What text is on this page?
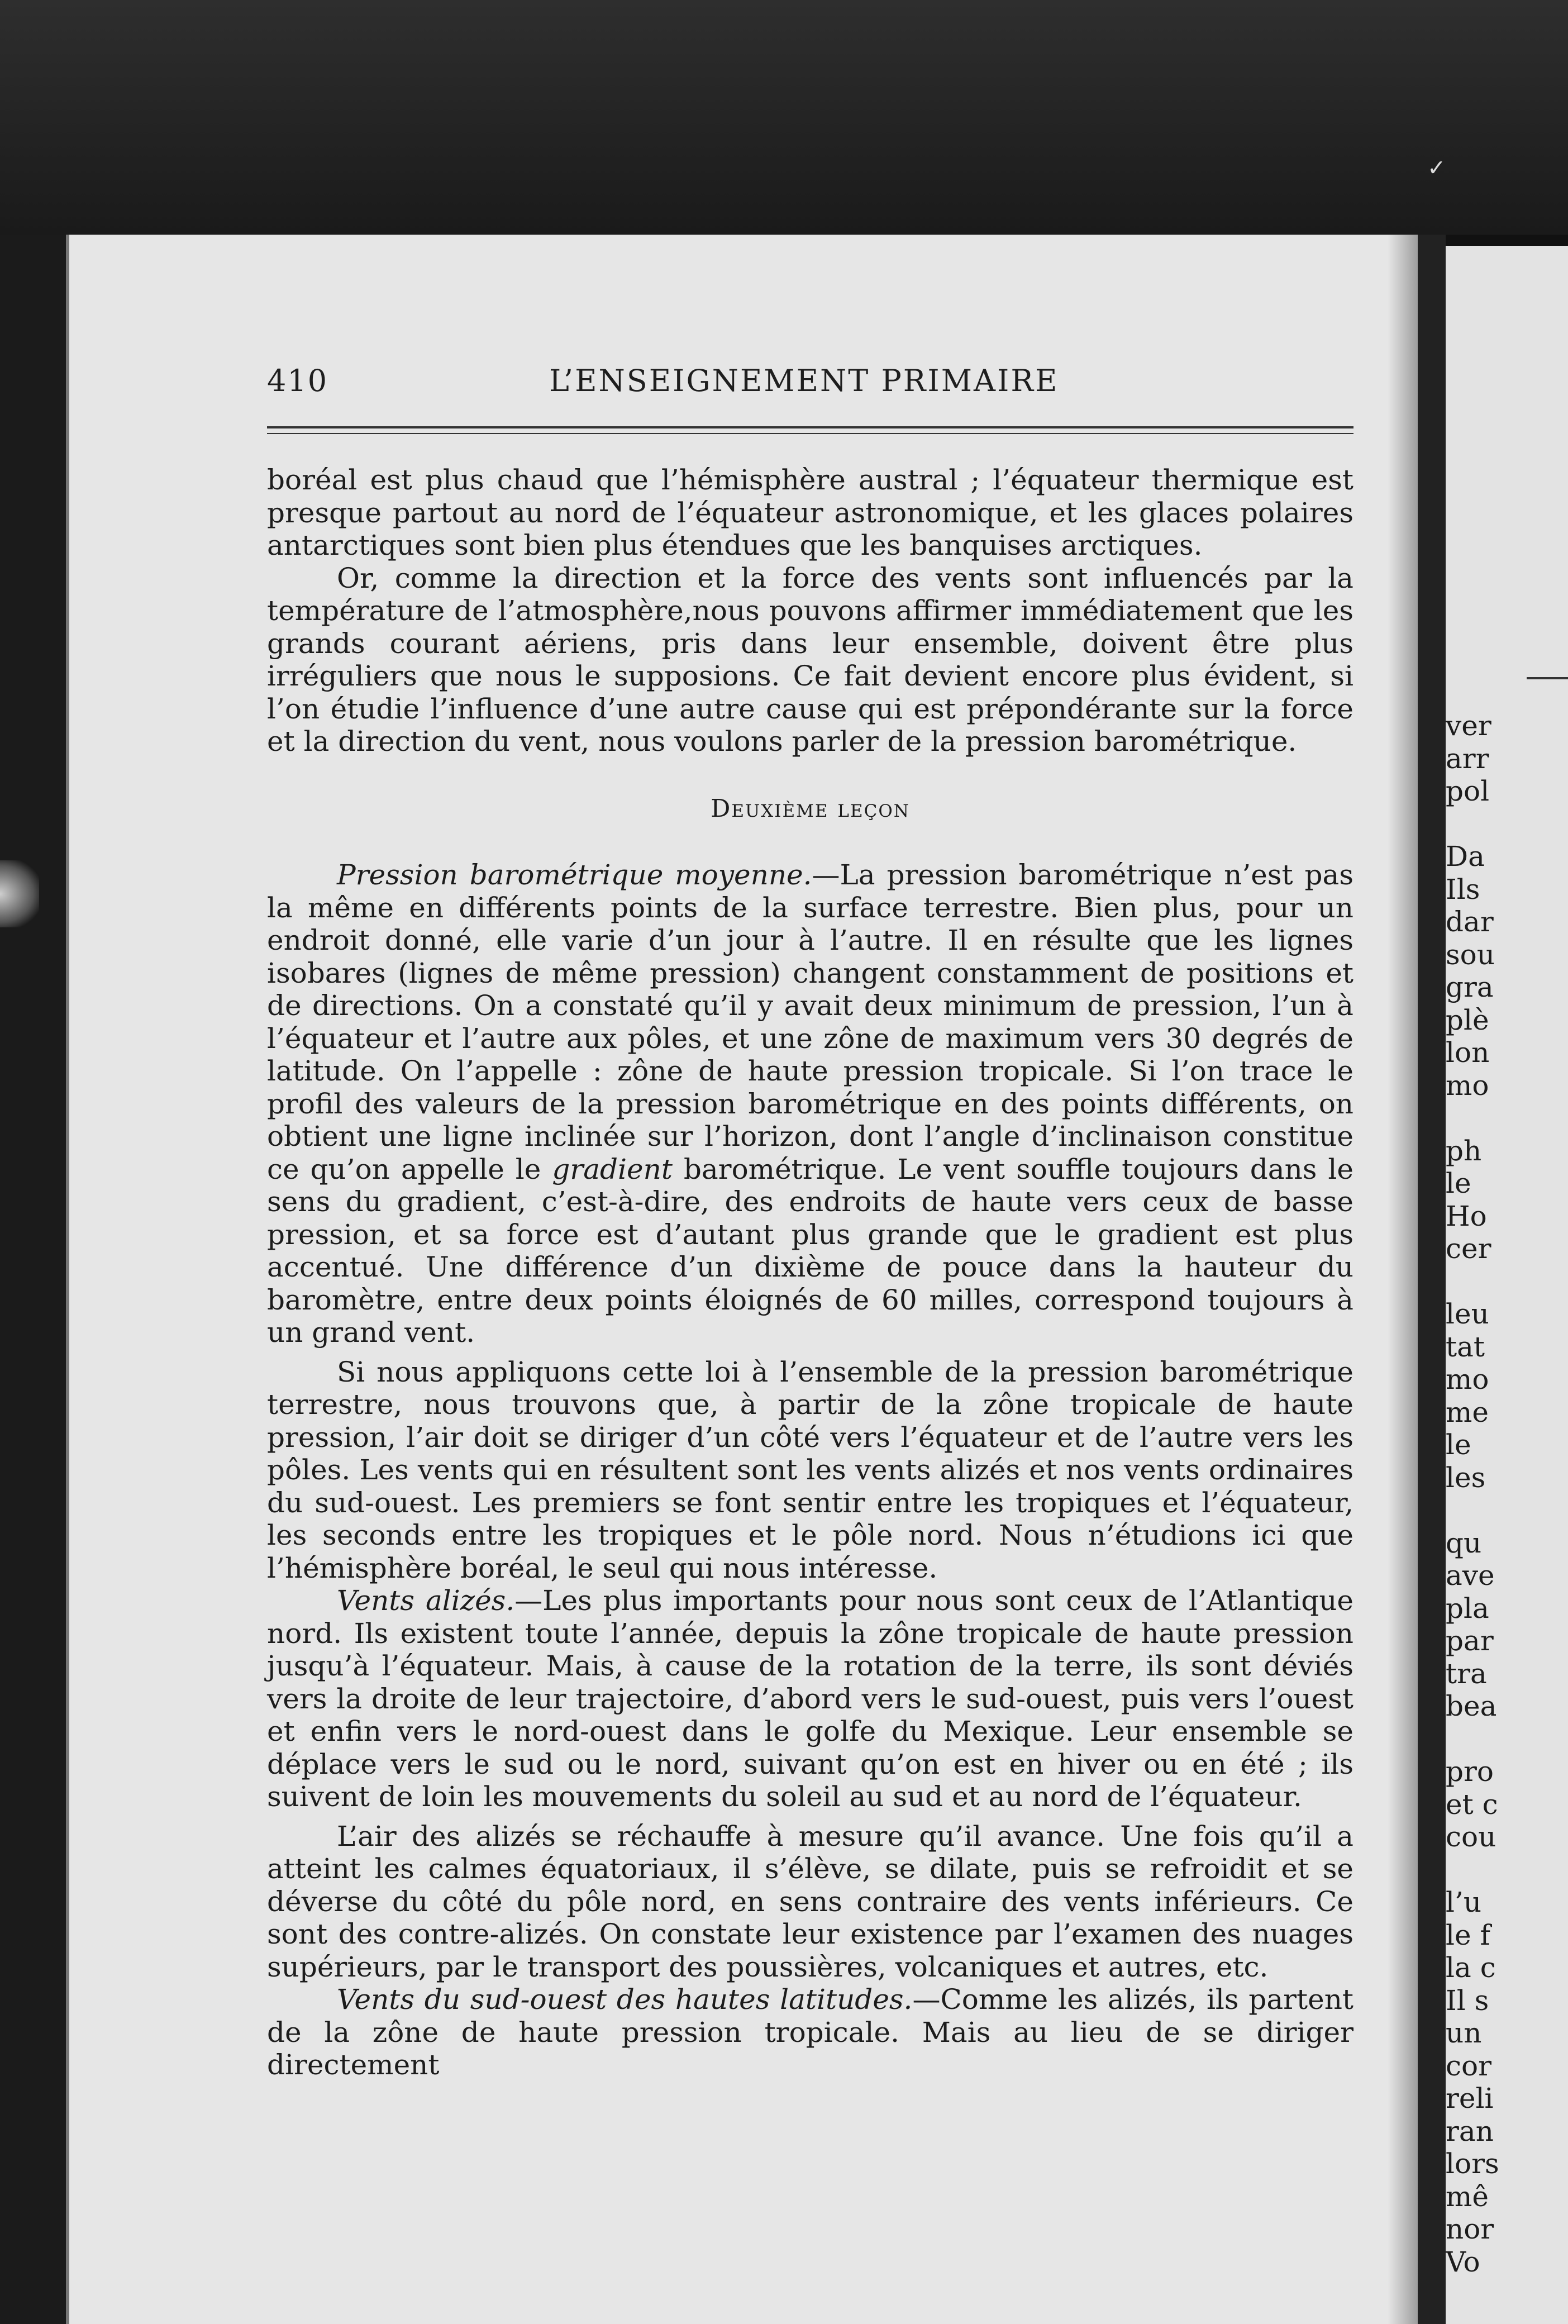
ver
arr
pol

Da
Ils
dar
sou
gra
plè
lon
mo

ph
le
Ho
cer

leu
tat
mo
me
le
les

qu
ave
pla
par
tra
bea

pro
et c
cou

l’u
le f
la c
Il s
un
cor
reli
ran
lors
mê
nor
Vo
410	L’ENSEIGNEMENT PRIMAIRE

boréal est plus chaud que l’hémisphère austral ; l’équateur thermique est presque partout au nord de l’équateur astronomique, et les glaces polaires antarctiques sont bien plus étendues que les banquises arctiques.

Or, comme la direction et la force des vents sont influencés par la température de l’atmosphère,nous pouvons affirmer immédiatement que les grands courant aériens, pris dans leur ensemble, doivent être plus irréguliers que nous le supposions. Ce fait devient encore plus évident, si l’on étudie l’influence d’une autre cause qui est prépondérante sur la force et la direction du vent, nous voulons parler de la pression barométrique.

Deuxième leçon

Pression barométrique moyenne.—La pression barométrique n’est pas la même en différents points de la surface terrestre. Bien plus, pour un endroit donné, elle varie d’un jour à l’autre. Il en résulte que les lignes isobares (lignes de même pression) changent constamment de positions et de directions. On a constaté qu’il y avait deux minimum de pression, l’un à l’équateur et l’autre aux pôles, et une zône de maximum vers 30 degrés de latitude. On l’appelle : zône de haute pression tropicale. Si l’on trace le profil des valeurs de la pression barométrique en des points différents, on obtient une ligne inclinée sur l’horizon, dont l’angle d’inclinaison constitue ce qu’on appelle le gradient barométrique. Le vent souffle toujours dans le sens du gradient, c’est-à-dire, des endroits de haute vers ceux de basse pression, et sa force est d’autant plus grande que le gradient est plus accentué. Une différence d’un dixième de pouce dans la hauteur du baromètre, entre deux points éloignés de 60 milles, correspond toujours à un grand vent.

Si nous appliquons cette loi à l’ensemble de la pression barométrique terrestre, nous trouvons que, à partir de la zône tropicale de haute pression, l’air doit se diriger d’un côté vers l’équateur et de l’autre vers les pôles. Les vents qui en résultent sont les vents alizés et nos vents ordinaires du sud-ouest. Les premiers se font sentir entre les tropiques et l’équateur, les seconds entre les tropiques et le pôle nord. Nous n’étudions ici que l’hémisphère boréal, le seul qui nous intéresse.

Vents alizés.—Les plus importants pour nous sont ceux de l’Atlantique nord. Ils existent toute l’année, depuis la zône tropicale de haute pression jusqu’à l’équateur. Mais, à cause de la rotation de la terre, ils sont déviés vers la droite de leur trajectoire, d’abord vers le sud-ouest, puis vers l’ouest et enfin vers le nord-ouest dans le golfe du Mexique. Leur ensemble se déplace vers le sud ou le nord, suivant qu’on est en hiver ou en été ; ils suivent de loin les mouvements du soleil au sud et au nord de l’équateur.

L’air des alizés se réchauffe à mesure qu’il avance. Une fois qu’il a atteint les calmes équatoriaux, il s’élève, se dilate, puis se refroidit et se déverse du côté du pôle nord, en sens contraire des vents inférieurs. Ce sont des contre-alizés. On constate leur existence par l’examen des nuages supérieurs, par le transport des poussières, volcaniques et autres, etc.

Vents du sud-ouest des hautes latitudes.—Comme les alizés, ils partent de la zône de haute pression tropicale. Mais au lieu de se diriger directement
